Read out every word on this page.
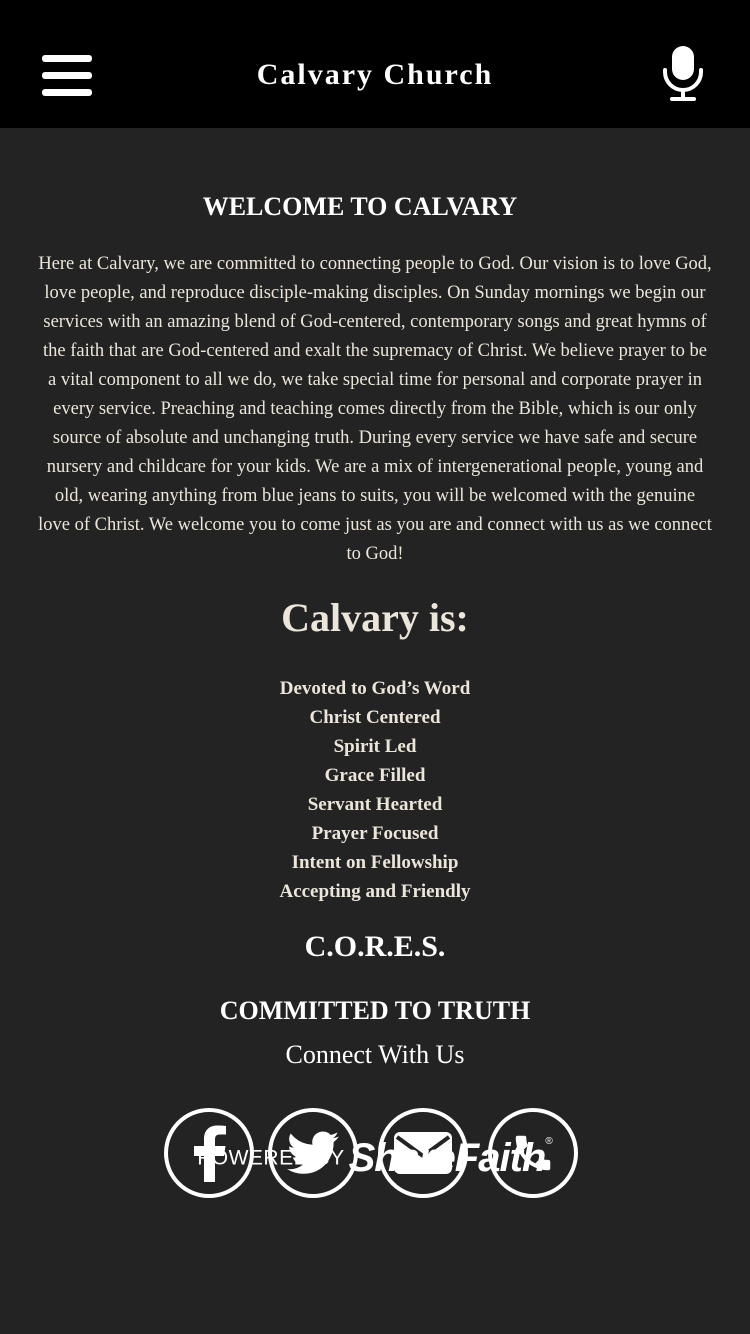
Calvary Church
WELCOME TO CALVARY

Here at Calvary, we are committed to connecting people to God. Our vision is to love God, love people, and reproduce disciple-making disciples. On Sunday mornings we begin our services with an amazing blend of God-centered, contemporary songs and great hymns of the faith that are God-centered and exalt the supremacy of Christ. We believe prayer to be a vital component to all we do, we take special time for personal and corporate prayer in every service. Preaching and teaching comes directly from the Bible, which is our only source of absolute and unchanging truth. During every service we have safe and secure nursery and childcare for your kids. We are a mix of intergenerational people, young and old, wearing anything from blue jeans to suits, you will be welcomed with the genuine love of Christ. We welcome you to come just as you are and connect with us as we connect to God!

Calvary is:
Devoted to God’s Word
Christ Centered
Spirit Led
Grace Filled
Servant Hearted
Prayer Focused
Intent on Fellowship
Accepting and Friendly
C.O.R.E.S.
COMMITTED TO TRUTH
Connect With Us
POWERED BY ShareFaith®
